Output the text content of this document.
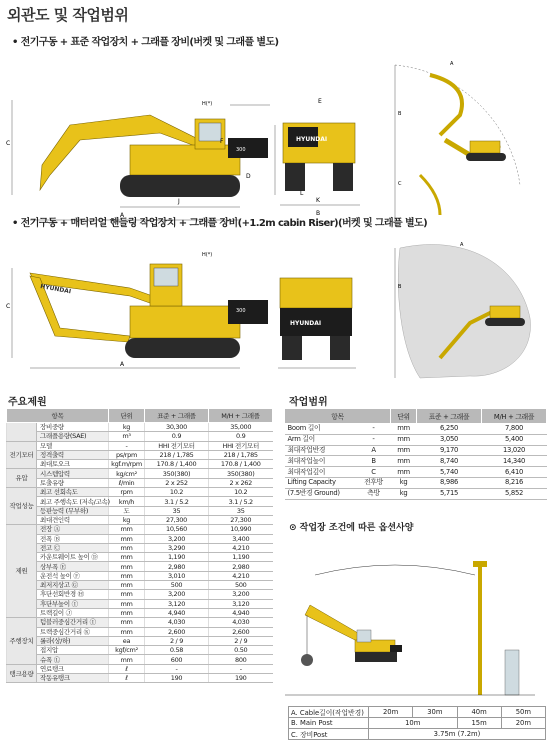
외관도 및 작업범위
• 전기구동 + 표준 작업장치 + 그래플 장비(버켓 및 그래플 별도)
300
A
C
J
F
H(*)
D
HYUNDAI
E
K
B
L
B
C
A
• 전기구동 + 매터리얼 핸들링 작업장치 + 그래플 장비(+1.2m cabin Riser)(버켓 및 그래플 별도)
HYUNDAI
300
A
C
H(*)
HYUNDAI
B
A
주요제원
항목		단위	표준 + 그래플	M/H + 그래플
	장비중량	kg	30,300	35,000
	그래플용량(SAE)	m³	0.9	0.9
전기모터	모델	-	HHI 전기모터	HHI 전기모터
	정격출력	ps/rpm	218 / 1,785	218 / 1,785
	최대토오크	kgf.m/rpm	170.8 / 1,400	170.8 / 1,400
유압	시스템압력	kg/cm²	350(380)	350(380)
	토출유량	ℓ/min	2 x 252	2 x 262
작업성능	최고 선회속도	rpm	10.2	10.2
	최고 주행속도 (저속/고속)	km/h	3.1 / 5.2	3.1 / 5.2
	등판능력 (무부하)	도	35	35
	최대견인력	kg	27,300	27,300
제원	전장 Ⓐ	mm	10,560	10,990
	전폭 Ⓑ	mm	3,200	3,400
	전고 Ⓒ	mm	3,290	4,210
	카운트웨이트 높이 Ⓓ	mm	1,190	1,190
	상부폭 Ⓔ	mm	2,980	2,980
	운전석 높이 Ⓕ	mm	3,010	4,210
	최저지상고 Ⓖ	mm	500	500
	후단선회반경 Ⓗ	mm	3,200	3,200
	후단부높이 Ⓘ	mm	3,120	3,120
	트랙길이 Ⓙ	mm	4,940	4,940
주행장치	텀블러중심간거리 Ⓘ	mm	4,030	4,030
	트랙중심간거리 Ⓚ	mm	2,600	2,600
	롤라(상/하)	ea	2 / 9	2 / 9
	접지압	kgf/cm²	0.58	0.50
	슈폭 Ⓛ	mm	600	800
탱크용량	연료탱크	ℓ	-	-
	작동유탱크	ℓ	190	190
작업범위
항목		단위	표준 + 그래플	M/H + 그래플
Boom 길이	-	mm	6,250	7,800
Arm 길이	-	mm	3,050	5,400
최대작업반경	A	mm	9,170	13,020
최대작업높이	B	mm	8,740	14,340
최대작업깊이	C	mm	5,740	6,410
Lifting Capacity	전후방	kg	8,986	8,216
(7.5반경 Ground)	측방	kg	5,715	5,852
⊙ 작업장 조건에 따른 옵션사양
A. Cable길이(작업반경)	20m	30m	40m	50m
B. Main Post	10m		15m	20m
C. 장비Post	3.75m (7.2m)			
